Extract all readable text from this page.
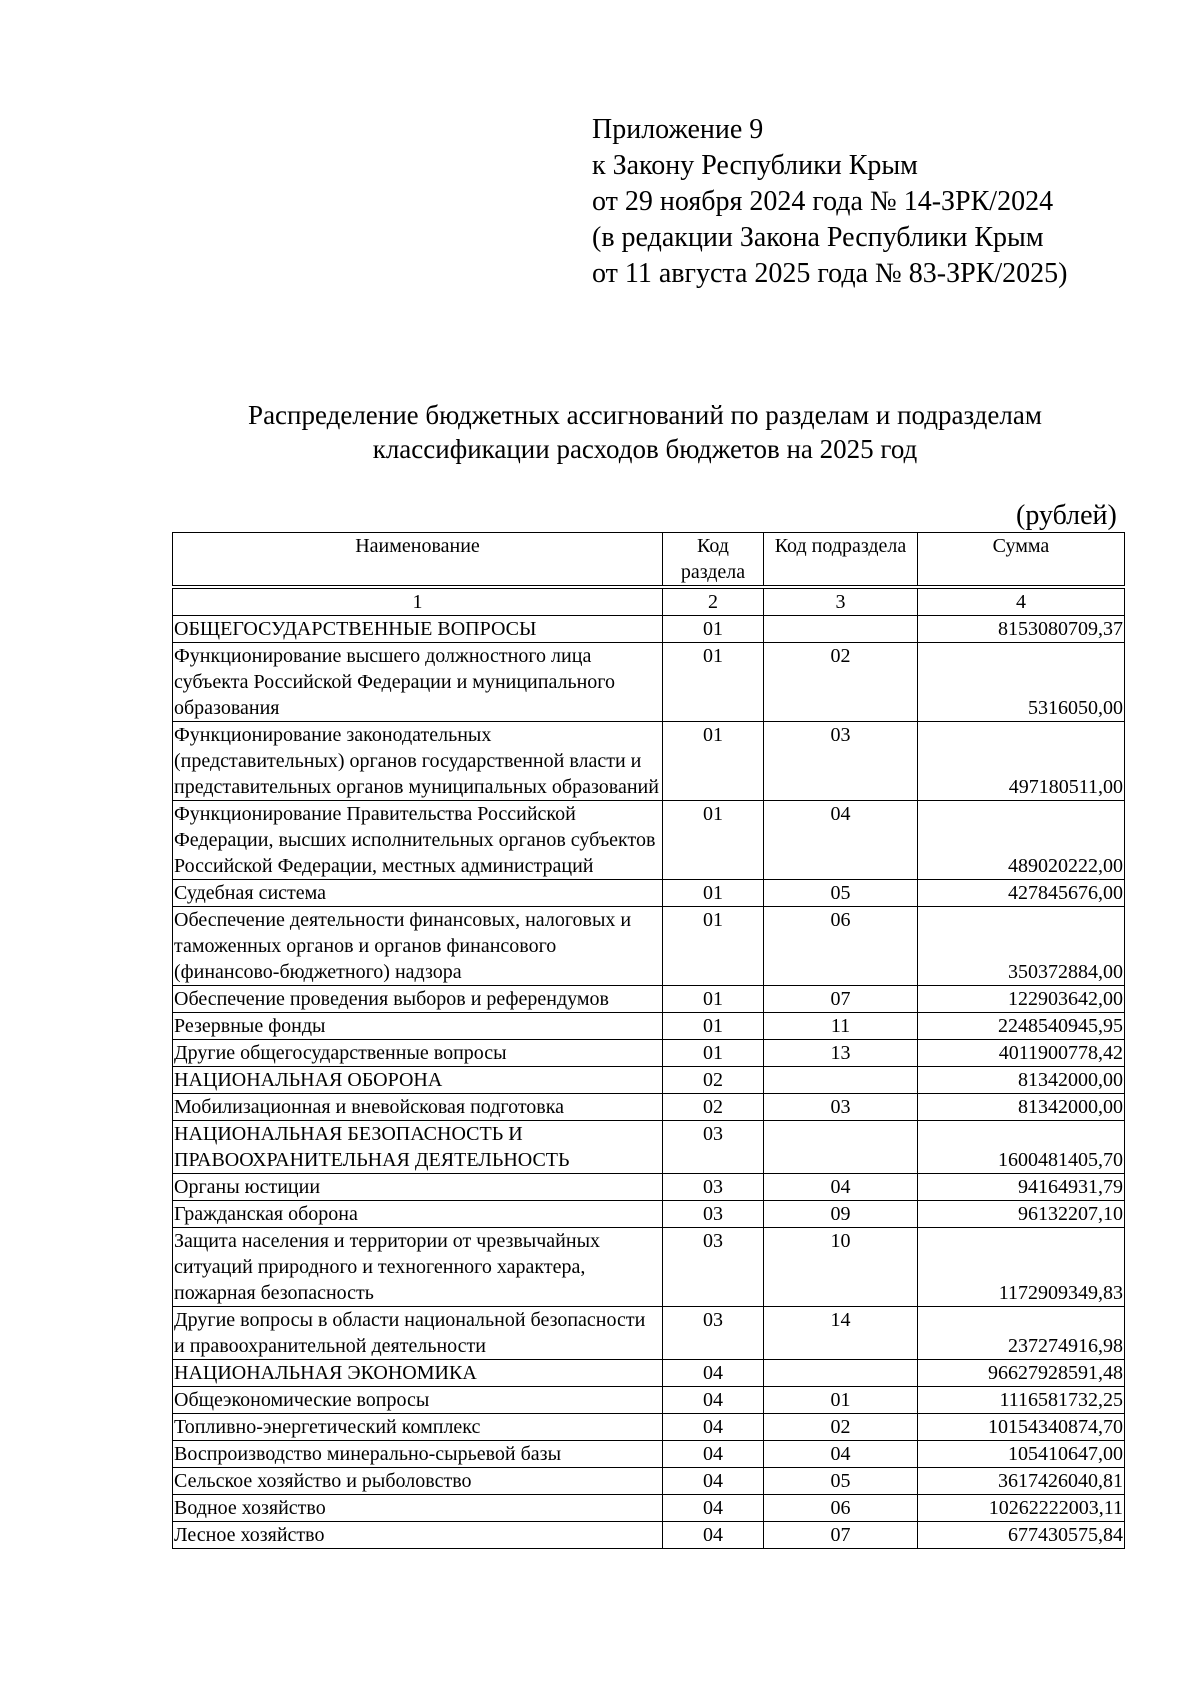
Приложение 9
к Закону Республики Крым
от 29 ноября 2024 года № 14-ЗРК/2024
(в редакции Закона Республики Крым
от 11 августа 2025 года № 83-ЗРК/2025)
Распределение бюджетных ассигнований по разделам и подразделам
классификации расходов бюджетов на 2025 год
(рублей)
Наименование	Код раздела	Код подраздела	Сумма
1	2	3	4
ОБЩЕГОСУДАРСТВЕННЫЕ ВОПРОСЫ	01		8153080709,37
Функционирование высшего должностного лица субъекта Российской Федерации и муниципального образования	01	02	5316050,00
Функционирование законодательных (представительных) органов государственной власти и представительных органов муниципальных образований	01	03	497180511,00
Функционирование Правительства Российской Федерации, высших исполнительных органов субъектов Российской Федерации, местных администраций	01	04	489020222,00
Судебная система	01	05	427845676,00
Обеспечение деятельности финансовых, налоговых и таможенных органов и органов финансового (финансово-бюджетного) надзора	01	06	350372884,00
Обеспечение проведения выборов и референдумов	01	07	122903642,00
Резервные фонды	01	11	2248540945,95
Другие общегосударственные вопросы	01	13	4011900778,42
НАЦИОНАЛЬНАЯ ОБОРОНА	02		81342000,00
Мобилизационная и вневойсковая подготовка	02	03	81342000,00
НАЦИОНАЛЬНАЯ БЕЗОПАСНОСТЬ И ПРАВООХРАНИТЕЛЬНАЯ ДЕЯТЕЛЬНОСТЬ	03		1600481405,70
Органы юстиции	03	04	94164931,79
Гражданская оборона	03	09	96132207,10
Защита населения и территории от чрезвычайных ситуаций природного и техногенного характера, пожарная безопасность	03	10	1172909349,83
Другие вопросы в области национальной безопасности и правоохранительной деятельности	03	14	237274916,98
НАЦИОНАЛЬНАЯ ЭКОНОМИКА	04		96627928591,48
Общеэкономические вопросы	04	01	1116581732,25
Топливно-энергетический комплекс	04	02	10154340874,70
Воспроизводство минерально-сырьевой базы	04	04	105410647,00
Сельское хозяйство и рыболовство	04	05	3617426040,81
Водное хозяйство	04	06	10262222003,11
Лесное хозяйство	04	07	677430575,84
